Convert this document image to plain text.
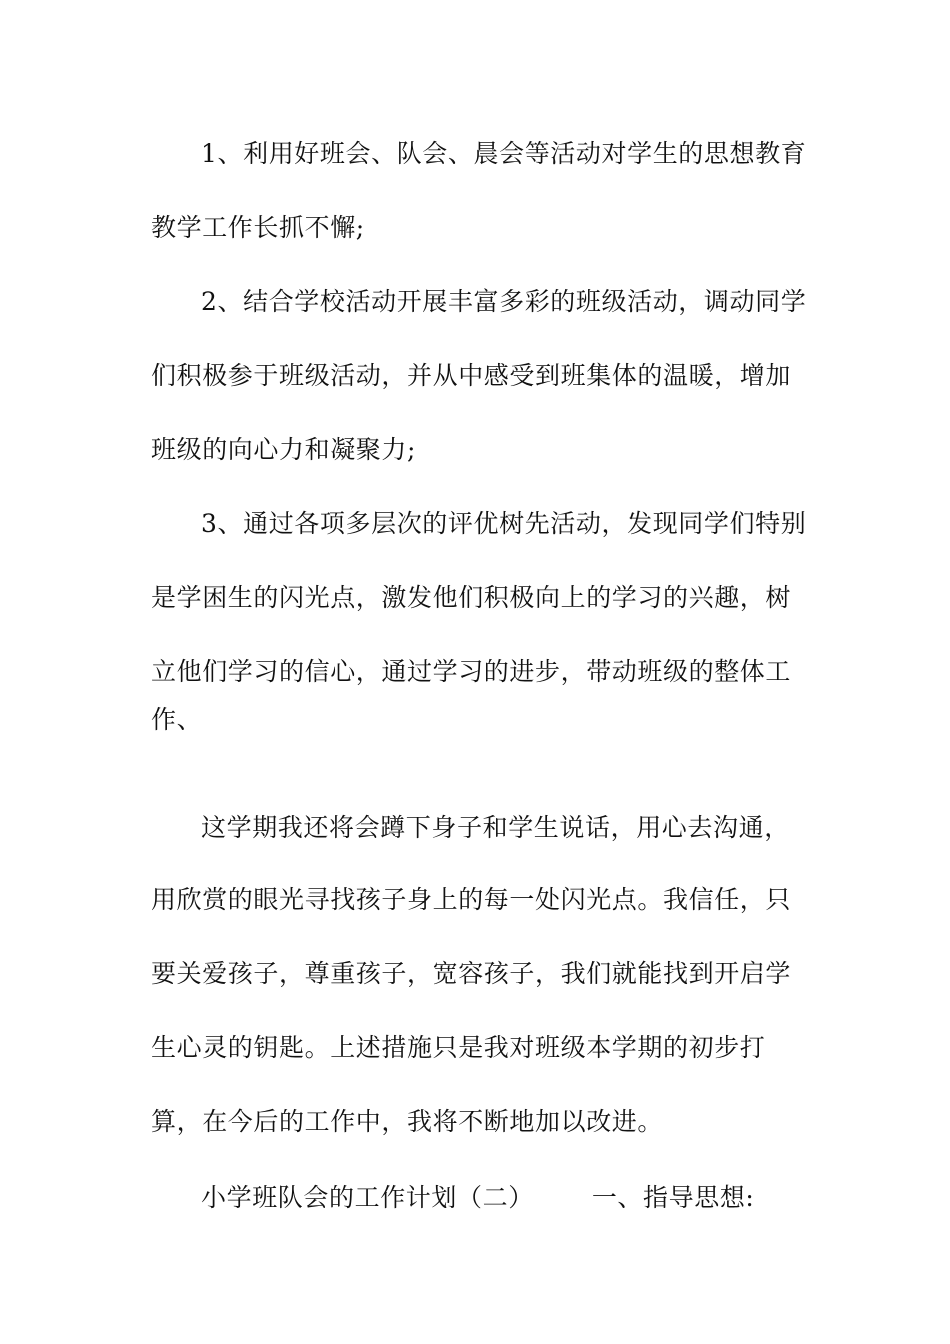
1、利用好班会、队会、晨会等活动对学生的思想教育
教学工作长抓不懈;
2、结合学校活动开展丰富多彩的班级活动，调动同学
们积极参于班级活动，并从中感受到班集体的温暖，增加
班级的向心力和凝聚力;
3、通过各项多层次的评优树先活动，发现同学们特别
是学困生的闪光点，激发他们积极向上的学习的兴趣，树
立他们学习的信心，通过学习的进步，带动班级的整体工
作、
这学期我还将会蹲下身子和学生说话，用心去沟通，
用欣赏的眼光寻找孩子身上的每一处闪光点。我信任，只
要关爱孩子，尊重孩子，宽容孩子，我们就能找到开启学
生心灵的钥匙。上述措施只是我对班级本学期的初步打
算，在今后的工作中，我将不断地加以改进。
小学班队会的工作计划（二） 一、指导思想:
